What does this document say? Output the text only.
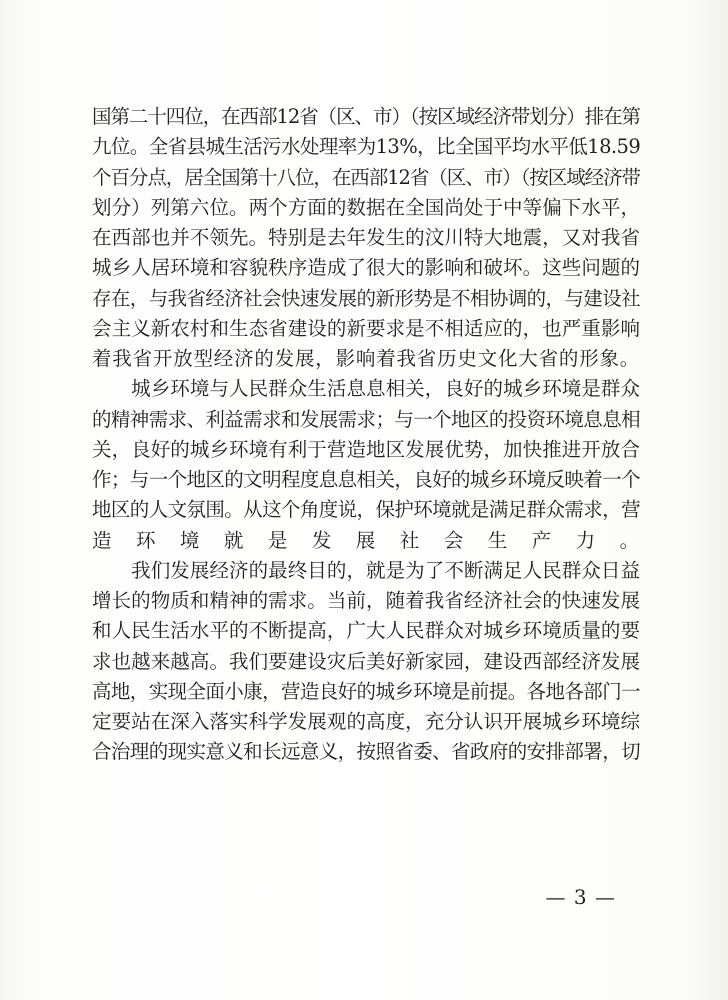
国第二十四位，在西部12省（区、市）（按区域经济带划分）排在第
九位。全省县城生活污水处理率为13%，比全国平均水平低18.59
个百分点，居全国第十八位，在西部12省（区、市）（按区域经济带
划分）列第六位。两个方面的数据在全国尚处于中等偏下水平，
在西部也并不领先。特别是去年发生的汶川特大地震，又对我省
城乡人居环境和容貌秩序造成了很大的影响和破坏。这些问题的
存在，与我省经济社会快速发展的新形势是不相协调的，与建设社
会主义新农村和生态省建设的新要求是不相适应的，也严重影响
着我省开放型经济的发展，影响着我省历史文化大省的形象。
　　城乡环境与人民群众生活息息相关，良好的城乡环境是群众
的精神需求、利益需求和发展需求；与一个地区的投资环境息息相
关，良好的城乡环境有利于营造地区发展优势，加快推进开放合
作；与一个地区的文明程度息息相关，良好的城乡环境反映着一个
地区的人文氛围。从这个角度说，保护环境就是满足群众需求，营
造环境就是发展社会生产力。
　　我们发展经济的最终目的，就是为了不断满足人民群众日益
增长的物质和精神的需求。当前，随着我省经济社会的快速发展
和人民生活水平的不断提高，广大人民群众对城乡环境质量的要
求也越来越高。我们要建设灾后美好新家园，建设西部经济发展
高地，实现全面小康，营造良好的城乡环境是前提。各地各部门一
定要站在深入落实科学发展观的高度，充分认识开展城乡环境综
合治理的现实意义和长远意义，按照省委、省政府的安排部署，切
— 3 —
